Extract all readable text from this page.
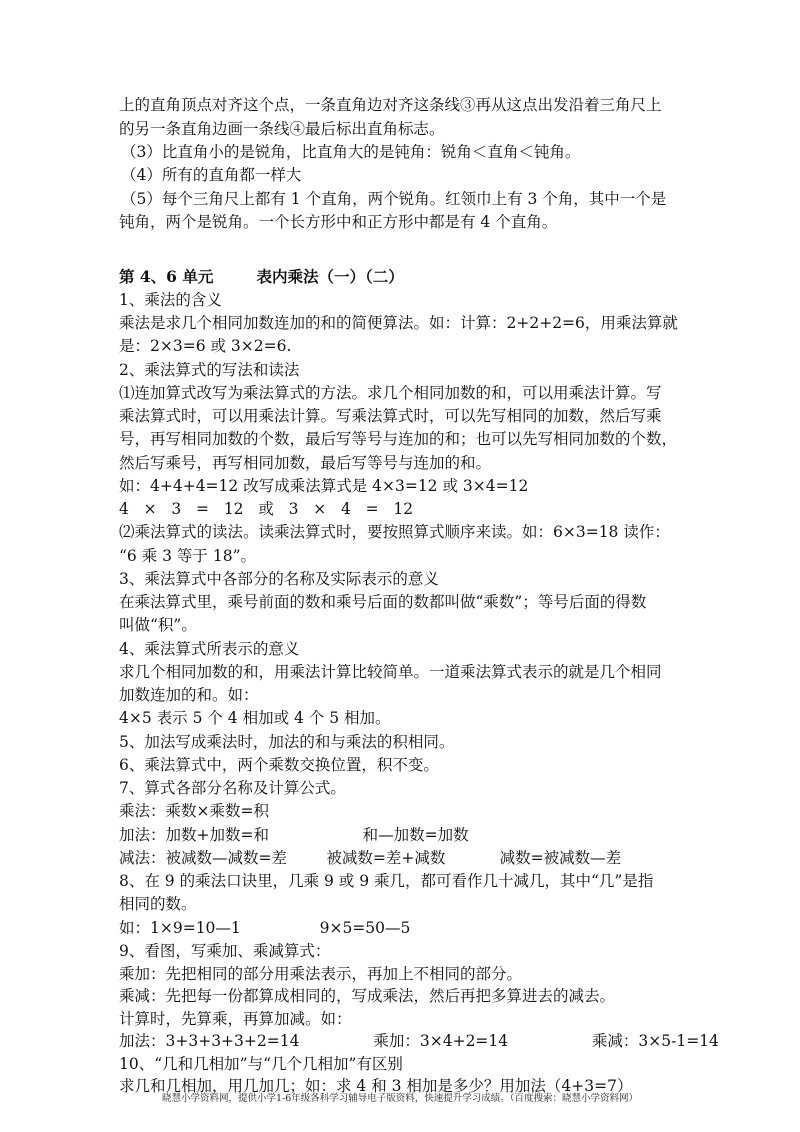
上的直角顶点对齐这个点，一条直角边对齐这条线③再从这点出发沿着三角尺上
的另一条直角边画一条线④最后标出直角标志。
（3）比直角小的是锐角，比直角大的是钝角：锐角＜直角＜钝角。
（4）所有的直角都一样大
（5）每个三角尺上都有 1 个直角，两个锐角。红领巾上有 3 个角，其中一个是
钝角，两个是锐角。一个长方形中和正方形中都是有 4 个直角。
第 4、6 单元        表内乘法（一）（二）
1、乘法的含义
乘法是求几个相同加数连加的和的简便算法。如：计算：2+2+2=6，用乘法算就
是：2×3=6 或 3×2=6.
2、乘法算式的写法和读法
⑴连加算式改写为乘法算式的方法。求几个相同加数的和，可以用乘法计算。写
乘法算式时，可以用乘法计算。写乘法算式时，可以先写相同的加数，然后写乘
号，再写相同加数的个数，最后写等号与连加的和；也可以先写相同加数的个数，
然后写乘号，再写相同加数，最后写等号与连加的和。
如：4+4+4=12 改写成乘法算式是 4×3=12 或 3×4=12
4   ×   3   =   12   或   3   ×   4   =   12
⑵乘法算式的读法。读乘法算式时，要按照算式顺序来读。如：6×3=18 读作：
“6 乘 3 等于 18”。
3、乘法算式中各部分的名称及实际表示的意义
在乘法算式里，乘号前面的数和乘号后面的数都叫做“乘数”；等号后面的得数
叫做“积”。
4、乘法算式所表示的意义
求几个相同加数的和，用乘法计算比较简单。一道乘法算式表示的就是几个相同
加数连加的和。如：
4×5 表示 5 个 4 相加或 4 个 5 相加。
5、加法写成乘法时，加法的和与乘法的积相同。
6、乘法算式中，两个乘数交换位置，积不变。
7、算式各部分名称及计算公式。
乘法：乘数×乘数=积
加法：加数+加数=和                   和—加数=加数
减法：被减数—减数=差        被减数=差+减数           减数=被减数—差
8、在 9 的乘法口诀里，几乘 9 或 9 乘几，都可看作几十减几，其中“几”是指
相同的数。
如：1×9=10—1                9×5=50—5
9、看图，写乘加、乘减算式：
乘加：先把相同的部分用乘法表示，再加上不相同的部分。
乘减：先把每一份都算成相同的，写成乘法，然后再把多算进去的减去。
计算时，先算乘，再算加减。如：
加法：3+3+3+3+2=14               乘加：3×4+2=14                 乘减：3×5-1=14
10、“几和几相加”与“几个几相加”有区别
求几和几相加，用几加几；如：求 4 和 3 相加是多少？用加法（4+3=7）
晓慧小学资料网，提供小学1-6年级各科学习辅导电子版资料，快速提升学习成绩。（百度搜索：晓慧小学资料网）
